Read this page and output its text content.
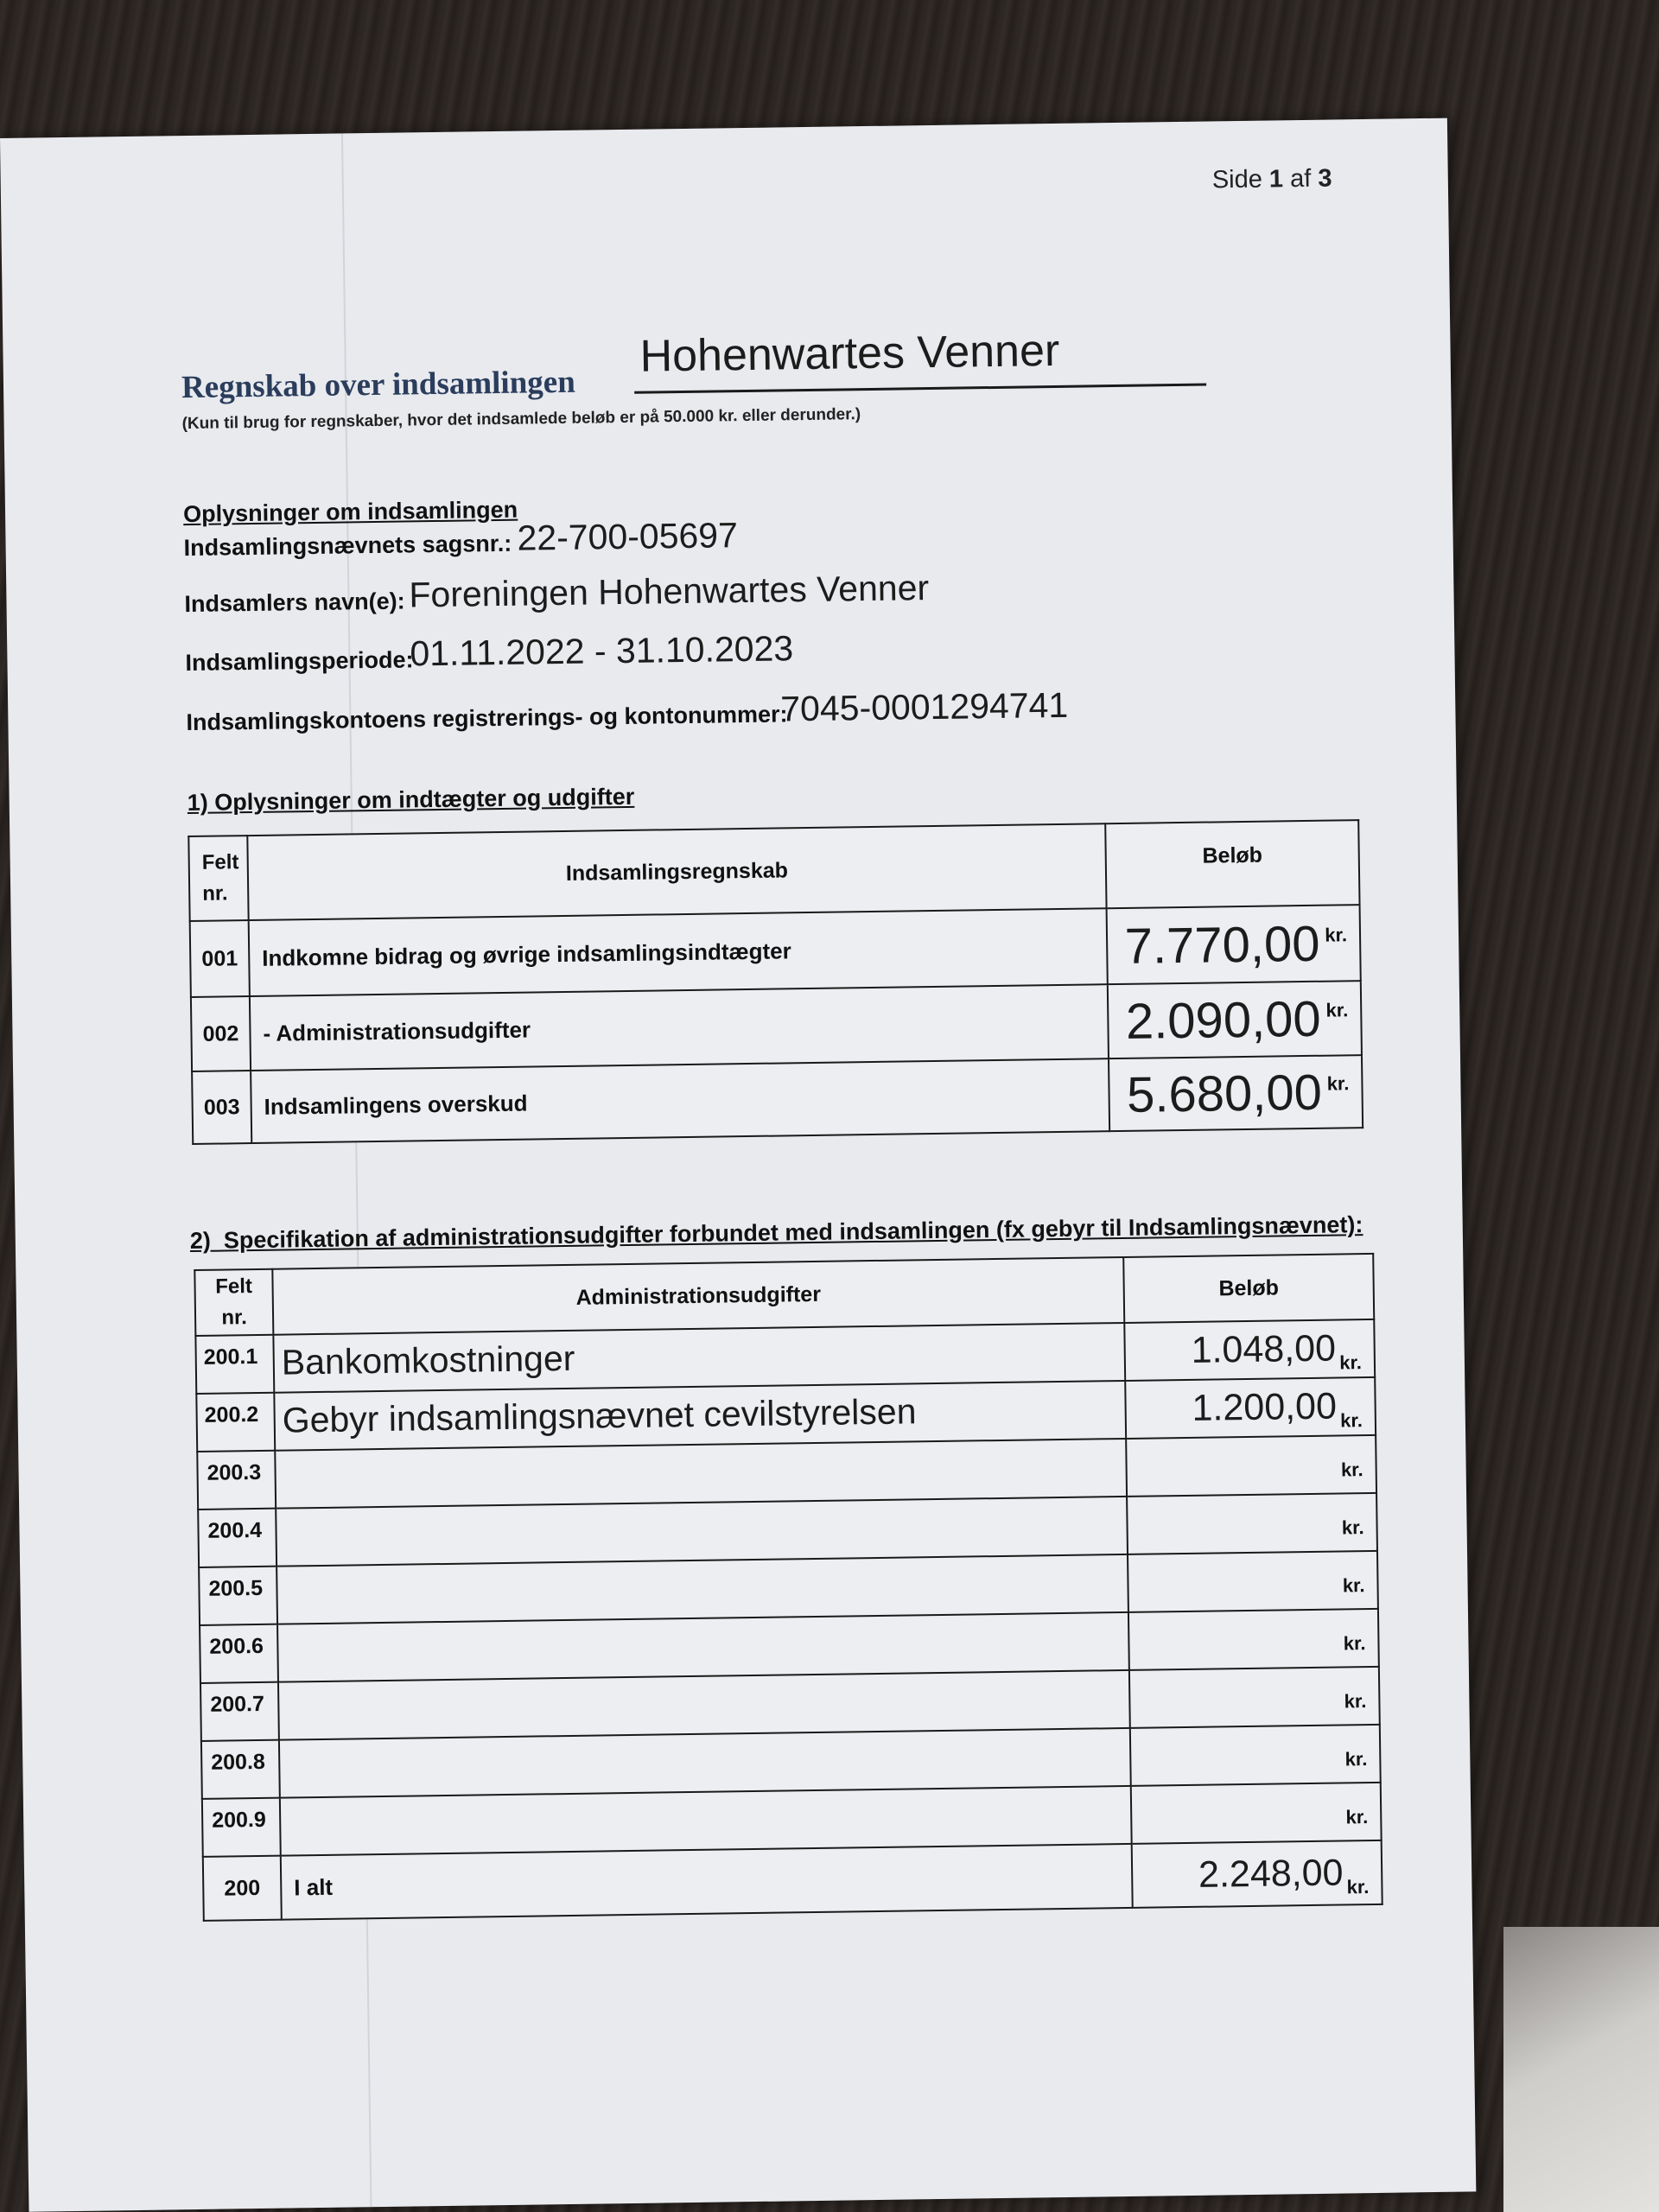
Side 1 af 3
Regnskab over indsamlingen
Hohenwartes Venner
(Kun til brug for regnskaber, hvor det indsamlede beløb er på 50.000 kr. eller derunder.)
Oplysninger om indsamlingen
Indsamlingsnævnets sagsnr.: 22-700-05697
Indsamlers navn(e): Foreningen Hohenwartes Venner
Indsamlingsperiode:
01.11.2022 - 31.10.2023
Indsamlingskontoens registrerings- og kontonummer:
7045-0001294741
1) Oplysninger om indtægter og udgifter
Felt
nr.	Indsamlingsregnskab	Beløb
001	Indkomne bidrag og øvrige indsamlingsindtægter	7.770,00 kr.
002	- Administrationsudgifter	2.090,00 kr.
003	Indsamlingens overskud	5.680,00 kr.
2) Specifikation af administrationsudgifter forbundet med indsamlingen (fx gebyr til Indsamlingsnævnet):
Felt
nr.	Administrationsudgifter	Beløb
200.1	Bankomkostninger	1.048,00 kr.
200.2	Gebyr indsamlingsnævnet cevilstyrelsen	1.200,00 kr.
200.3		kr.
200.4		kr.
200.5		kr.
200.6		kr.
200.7		kr.
200.8		kr.
200.9		kr.
200	I alt	2.248,00 kr.
